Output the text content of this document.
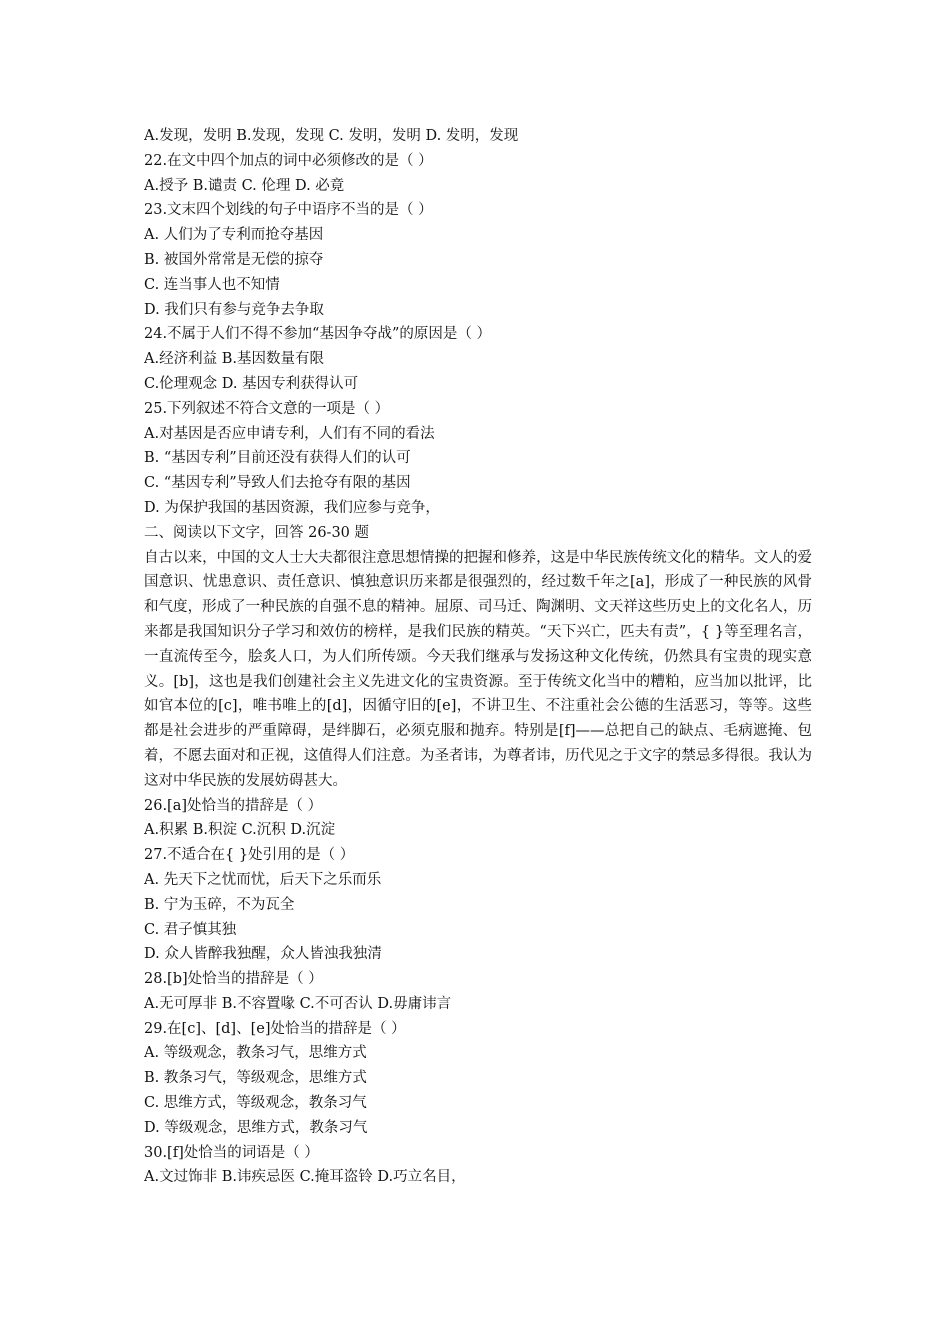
A.发现，发明 B.发现，发现 C. 发明，发明 D. 发明，发现
22.在文中四个加点的词中必须修改的是（ ）
A.授予 B.谴责 C. 伦理 D. 必竟
23.文末四个划线的句子中语序不当的是（ ）
A. 人们为了专利而抢夺基因
B. 被国外常常是无偿的掠夺
C. 连当事人也不知情
D. 我们只有参与竞争去争取
24.不属于人们不得不参加“基因争夺战”的原因是（ ）
A.经济利益 B.基因数量有限
C.伦理观念 D. 基因专利获得认可
25.下列叙述不符合文意的一项是（ ）
A.对基因是否应申请专利，人们有不同的看法
B. “基因专利”目前还没有获得人们的认可
C. “基因专利”导致人们去抢夺有限的基因
D. 为保护我国的基因资源，我们应参与竞争，
二、阅读以下文字，回答 26-30 题

自古以来，中国的文人士大夫都很注意思想情操的把握和修养，这是中华民族传统文化的精华。文人的爱国意识、忧患意识、责任意识、慎独意识历来都是很强烈的，经过数千年之[a]，形成了一种民族的风骨和气度，形成了一种民族的自强不息的精神。屈原、司马迁、陶渊明、文天祥这些历史上的文化名人，历来都是我国知识分子学习和效仿的榜样，是我们民族的精英。“天下兴亡，匹夫有责”，{ }等至理名言，一直流传至今，脍炙人口，为人们所传颂。今天我们继承与发扬这种文化传统，仍然具有宝贵的现实意义。[b]，这也是我们创建社会主义先进文化的宝贵资源。至于传统文化当中的糟粕，应当加以批评，比如官本位的[c]，唯书唯上的[d]，因循守旧的[e]，不讲卫生、不注重社会公德的生活恶习，等等。这些都是社会进步的严重障碍，是绊脚石，必须克服和抛弃。特别是[f]——总把自己的缺点、毛病遮掩、包着，不愿去面对和正视，这值得人们注意。为圣者讳，为尊者讳，历代见之于文字的禁忌多得很。我认为这对中华民族的发展妨碍甚大。

26.[a]处恰当的措辞是（ ）
A.积累 B.积淀 C.沉积 D.沉淀
27.不适合在{ }处引用的是（ ）
A. 先天下之忧而忧，后天下之乐而乐
B. 宁为玉碎，不为瓦全
C. 君子慎其独
D. 众人皆醉我独醒，众人皆浊我独清
28.[b]处恰当的措辞是（ ）
A.无可厚非 B.不容置喙 C.不可否认 D.毋庸讳言
29.在[c]、[d]、[e]处恰当的措辞是（ ）
A. 等级观念，教条习气，思维方式
B. 教条习气，等级观念，思维方式
C. 思维方式，等级观念，教条习气
D. 等级观念，思维方式，教条习气
30.[f]处恰当的词语是（ ）
A.文过饰非 B.讳疾忌医 C.掩耳盗铃 D.巧立名目，
